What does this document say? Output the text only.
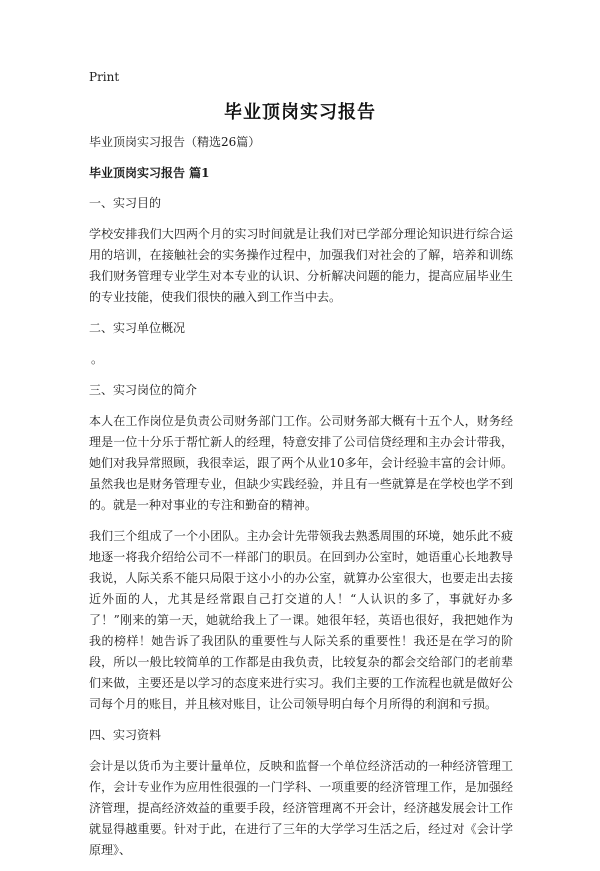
Print
毕业顶岗实习报告

毕业顶岗实习报告（精选26篇）

毕业顶岗实习报告 篇1

一、实习目的

学校安排我们大四两个月的实习时间就是让我们对已学部分理论知识进行综合运用的培训，在接触社会的实务操作过程中，加强我们对社会的了解，培养和训练我们财务管理专业学生对本专业的认识、分析解决问题的能力，提高应届毕业生的专业技能，使我们很快的融入到工作当中去。

二、实习单位概况

。

三、实习岗位的简介

本人在工作岗位是负责公司财务部门工作。公司财务部大概有十五个人，财务经理是一位十分乐于帮忙新人的经理，特意安排了公司信贷经理和主办会计带我，她们对我异常照顾，我很幸运，跟了两个从业10多年，会计经验丰富的会计师。虽然我也是财务管理专业，但缺少实践经验，并且有一些就算是在学校也学不到的。就是一种对事业的专注和勤奋的精神。

我们三个组成了一个小团队。主办会计先带领我去熟悉周围的环境，她乐此不疲地逐一将我介绍给公司不一样部门的职员。在回到办公室时，她语重心长地教导我说，人际关系不能只局限于这小小的办公室，就算办公室很大，也要走出去接近外面的人，尤其是经常跟自己打交道的人！“人认识的多了，事就好办多了！”刚来的第一天，她就给我上了一课。她很年轻，英语也很好，我把她作为我的榜样！她告诉了我团队的重要性与人际关系的重要性！我还是在学习的阶段，所以一般比较简单的工作都是由我负责，比较复杂的都会交给部门的老前辈们来做，主要还是以学习的态度来进行实习。我们主要的工作流程也就是做好公司每个月的账目，并且核对账目，让公司领导明白每个月所得的利润和亏损。

四、实习资料

会计是以货币为主要计量单位，反映和监督一个单位经济活动的一种经济管理工作，会计专业作为应用性很强的一门学科、一项重要的经济管理工作，是加强经济管理，提高经济效益的重要手段，经济管理离不开会计，经济越发展会计工作就显得越重要。针对于此，在进行了三年的大学学习生活之后，经过对《会计学原理》、
